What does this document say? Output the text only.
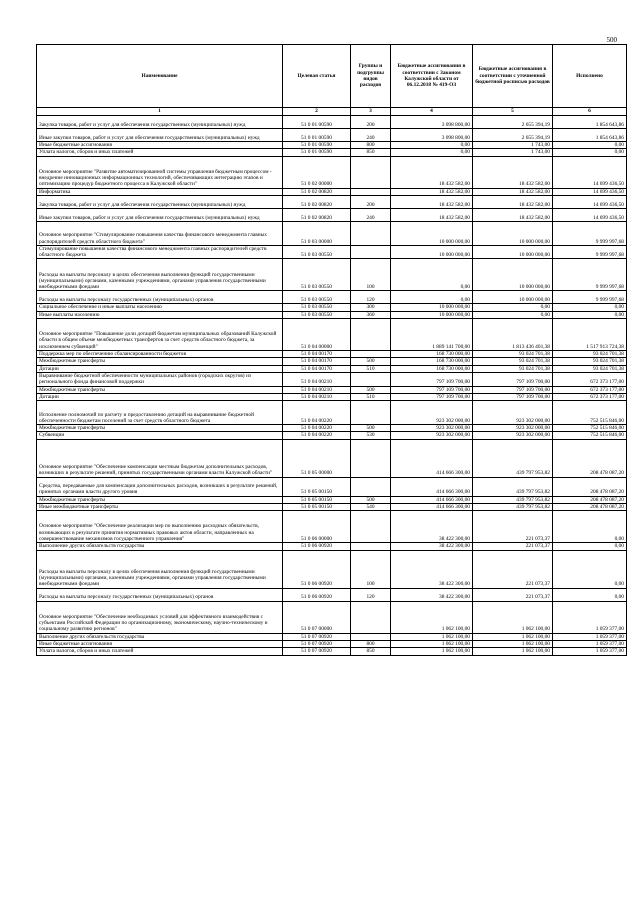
500
Наименование	Целевая статья	Группы и подгруппы видов расходов	Бюджетные ассигнования в соответствии с Законом Калужской области от 06.12.2018 № 419-ОЗ	Бюджетные ассигнования в соответствии с уточненной бюджетной росписью расходов	Исполнено
1	2	3	4	5	6
Закупка товаров, работ и услуг для обеспечения государственных (муниципальных) нужд	51 0 01 00590	200	3 098 800,00	2 655 394,19	1 854 643,86
Иные закупки товаров, работ и услуг для обеспечения государственных (муниципальных) нужд	51 0 01 00590	240	3 098 800,00	2 655 394,19	1 854 643,86
Иные бюджетные ассигнования	51 0 01 00590	800	0,00	1 743,00	0,00
Уплата налогов, сборов и иных платежей	51 0 01 00590	850	0,00	1 743,00	0,00
Основное мероприятие "Развитие автоматизированной системы управления бюджетным процессом - внедрение инновационных информационных технологий, обеспечивающих интеграцию этапов и оптимизацию процедур бюджетного процесса в Калужской области"	51 0 02 00000		18 432 582,00	18 432 582,00	14 699 436,50
Информатика	51 0 02 00820		18 432 582,00	18 432 582,00	14 699 436,50
Закупка товаров, работ и услуг для обеспечения государственных (муниципальных) нужд	51 0 02 00820	200	18 432 582,00	18 432 582,00	14 699 436,50
Иные закупки товаров, работ и услуг для обеспечения государственных (муниципальных) нужд	51 0 02 00820	240	18 432 582,00	18 432 582,00	14 699 436,50
Основное мероприятие "Стимулирование повышения качества финансового менеджмента главных распорядителей средств областного бюджета"	51 0 03 00000		10 000 000,00	10 000 000,00	9 999 997,68
Стимулирование повышения качества финансового менеджмента главных распорядителей средств областного бюджета	51 0 03 00550		10 000 000,00	10 000 000,00	9 999 997,68
Расходы на выплаты персоналу в целях обеспечения выполнения функций государственными (муниципальными) органами, казенными учреждениями, органами управления государственными внебюджетными фондами	51 0 03 00550	100	0,00	10 000 000,00	9 999 997,68
Расходы на выплаты персоналу государственных (муниципальных) органов	51 0 03 00550	120	0,00	10 000 000,00	9 999 997,68
Социальное обеспечение и иные выплаты населению	51 0 03 00550	300	10 000 000,00	0,00	0,00
Иные выплаты населению	51 0 03 00550	360	10 000 000,00	0,00	0,00
Основное мероприятие "Повышение доли дотаций бюджетам муниципальных образований Калужской области в общем объеме межбюджетных трансфертов за счет средств областного бюджета, за исключением субвенций"	51 0 04 00000		1 889 141 700,00	1 813 436 401,38	1 517 913 724,38
Поддержка мер по обеспечению сбалансированности бюджетов	51 0 04 00170		168 730 000,00	93 024 701,38	93 024 701,38
Межбюджетные трансферты	51 0 04 00170	500	168 730 000,00	93 024 701,38	93 024 701,38
Дотации	51 0 04 00170	510	168 730 000,00	93 024 701,38	93 024 701,38
Выравнивание бюджетной обеспеченности муниципальных районов (городских округов) из регионального фонда финансовой поддержки	51 0 04 00210		797 109 700,00	797 109 700,00	672 373 177,00
Межбюджетные трансферты	51 0 04 00210	500	797 109 700,00	797 109 700,00	672 373 177,00
Дотации	51 0 04 00210	510	797 109 700,00	797 109 700,00	672 373 177,00
Исполнение полномочий по расчету и предоставлению дотаций на выравнивание бюджетной обеспеченности бюджетам поселений за счет средств областного бюджета	51 0 04 00220		923 302 000,00	923 302 000,00	752 515 846,00
Межбюджетные трансферты	51 0 04 00220	500	923 302 000,00	923 302 000,00	752 515 846,00
Субвенции	51 0 04 00220	530	923 302 000,00	923 302 000,00	752 515 846,00
Основное мероприятие "Обеспечение компенсации местным бюджетам дополнительных расходов, возникших в результате решений, принятых государственными органами власти Калужской области"	51 0 05 00000		414 666 300,00	439 797 953,82	208 478 087,20
Средства, передаваемые для компенсации дополнительных расходов, возникших в результате решений, принятых органами власти другого уровня	51 0 05 00150		414 666 300,00	439 797 953,82	208 478 087,20
Межбюджетные трансферты	51 0 05 00150	500	414 666 300,00	439 797 953,82	208 478 087,20
Иные межбюджетные трансферты	51 0 05 00150	540	414 666 300,00	439 797 953,82	208 478 087,20
Основное мероприятие "Обеспечение реализации мер по выполнению расходных обязательств, возникающих в результате принятия нормативных правовых актов области, направленных на совершенствование механизмов государственного управления"	51 0 06 00000		38 422 300,00	221 073,37	0,00
Выполнение других обязательств государства	51 0 06 00920		38 422 300,00	221 073,37	0,00
Расходы на выплаты персоналу в целях обеспечения выполнения функций государственными (муниципальными) органами, казенными учреждениями, органами управления государственными внебюджетными фондами	51 0 06 00920	100	38 422 300,00	221 073,37	0,00
Расходы на выплаты персоналу государственных (муниципальных) органов	51 0 06 00920	120	38 422 300,00	221 073,37	0,00
Основное мероприятие "Обеспечение необходимых условий для эффективного взаимодействия с субъектами Российской Федерации по организационному, экономическому, научно-техническому и социальному развитию регионов"	51 0 07 00000		1 062 100,00	1 062 100,00	1 059 377,00
Выполнение других обязательств государства	51 0 07 00920		1 062 100,00	1 062 100,00	1 059 377,00
Иные бюджетные ассигнования	51 0 07 00920	800	1 062 100,00	1 062 100,00	1 059 377,00
Уплата налогов, сборов и иных платежей	51 0 07 00920	850	1 062 100,00	1 062 100,00	1 059 377,00
